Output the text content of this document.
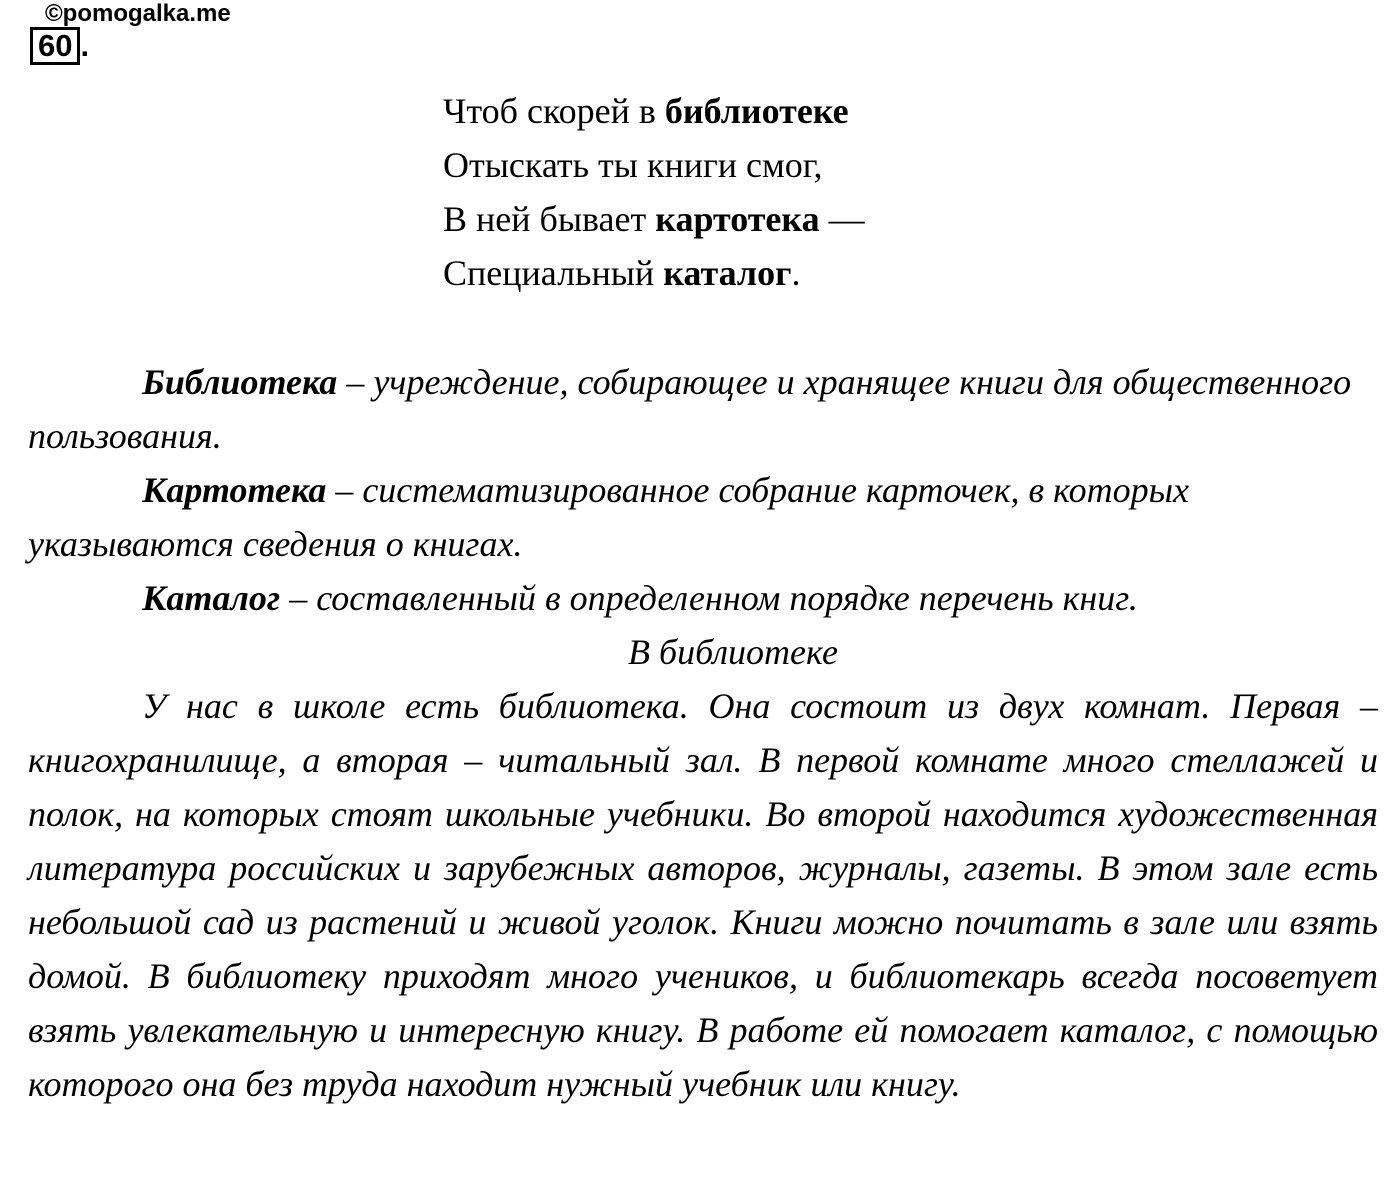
©pomogalka.me
60 .
Чтоб скорей в библиотеке
Отыскать ты книги смог,
В ней бывает картотека —
Специальный каталог.

Библиотека – учреждение, собирающее и хранящее книги для общественного пользования.

Картотека – систематизированное собрание карточек, в которых указываются сведения о книгах.

Каталог – составленный в определенном порядке перечень книг.

В библиотеке

У нас в школе есть библиотека. Она состоит из двух комнат. Первая – книгохранилище, а вторая – читальный зал. В первой комнате много стеллажей и полок, на которых стоят школьные учебники. Во второй находится художественная литература российских и зарубежных авторов, журналы, газеты. В этом зале есть небольшой сад из растений и живой уголок. Книги можно почитать в зале или взять домой. В библиотеку приходят много учеников, и библиотекарь всегда посоветует взять увлекательную и интересную книгу. В работе ей помогает каталог, с помощью которого она без труда находит нужный учебник или книгу.
